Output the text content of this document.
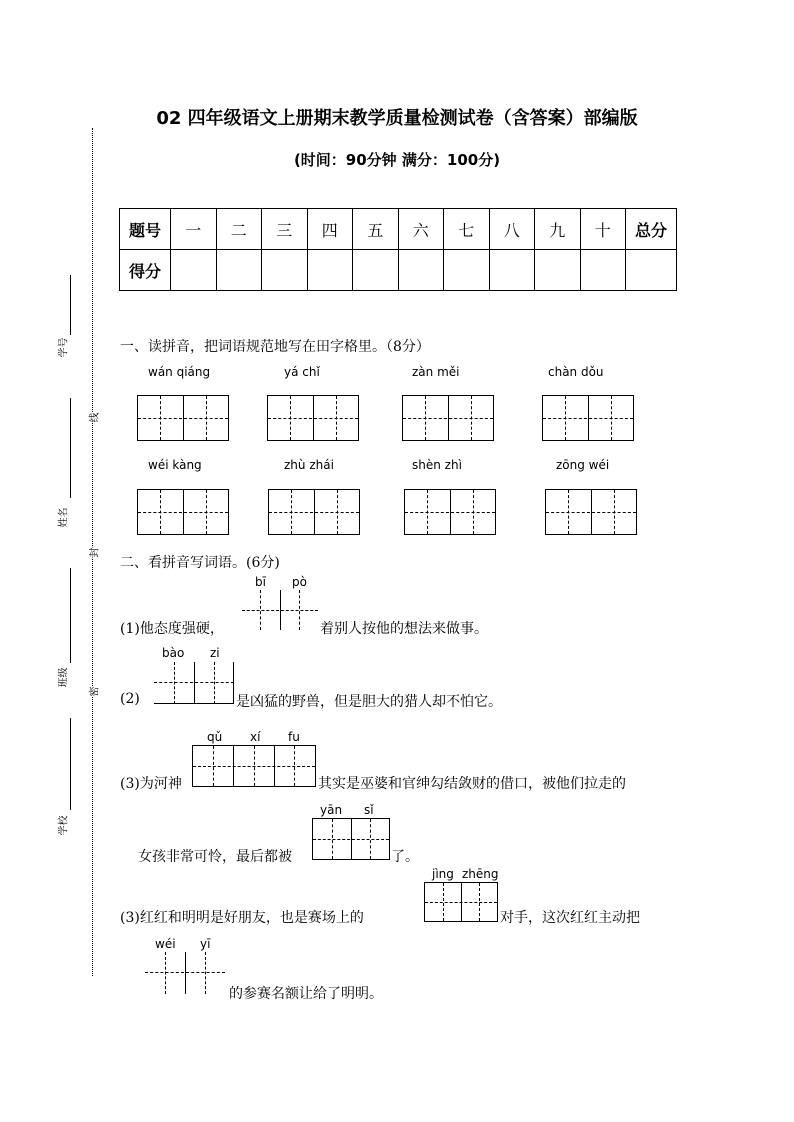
学号
姓名
班级
学校
线
封
密
02 四年级语文上册期末教学质量检测试卷（含答案）部编版
(时间：90分钟 满分：100分)
题号	一	二	三	四	五	六	七	八	九	十	总分
得分											
一、读拼音，把词语规范地写在田字格里。（8分）
wán qiáng	yá chǐ	zàn měi	chàn dǒu
wéi kàng	zhù zhái	shèn zhì	zōng wéi
二、看拼音写词语。(6分)
bī pò
(1)他态度强硬，	着别人按他的想法来做事。
bào zi
(2)	是凶猛的野兽，但是胆大的猎人却不怕它。
qǔ xí fu
(3)为河神	其实是巫婆和官绅勾结敛财的借口，被他们拉走的
yān sǐ
女孩非常可怜，最后都被	了。
jìng zhēng
(3)红红和明明是好朋友，也是赛场上的	对手，这次红红主动把
wéi yī
的参赛名额让给了明明。
